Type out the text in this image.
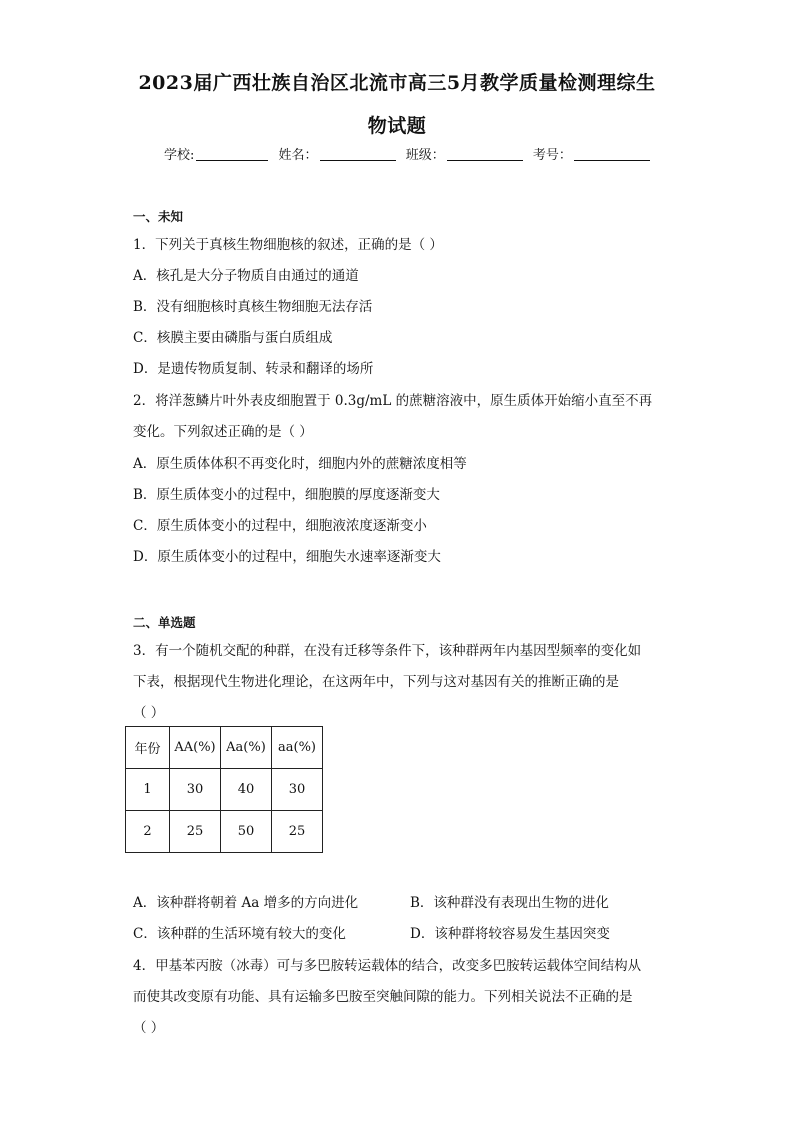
2023届广西壮族自治区北流市高三5月教学质量检测理综生
物试题
学校:	姓名：	班级：	考号：
一、未知
1．下列关于真核生物细胞核的叙述，正确的是（ ）
A．核孔是大分子物质自由通过的通道
B．没有细胞核时真核生物细胞无法存活
C．核膜主要由磷脂与蛋白质组成
D．是遗传物质复制、转录和翻译的场所
2．将洋葱鳞片叶外表皮细胞置于 0.3g/mL 的蔗糖溶液中，原生质体开始缩小直至不再
变化。下列叙述正确的是（ ）
A．原生质体体积不再变化时，细胞内外的蔗糖浓度相等
B．原生质体变小的过程中，细胞膜的厚度逐渐变大
C．原生质体变小的过程中，细胞液浓度逐渐变小
D．原生质体变小的过程中，细胞失水速率逐渐变大
二、单选题
3．有一个随机交配的种群，在没有迁移等条件下，该种群两年内基因型频率的变化如
下表，根据现代生物进化理论，在这两年中，下列与这对基因有关的推断正确的是
（ ）
年份	AA(%)	Aa(%)	aa(%)
1	30	40	30
2	25	50	25
A．该种群将朝着 Aa 增多的方向进化	B．该种群没有表现出生物的进化
C．该种群的生活环境有较大的变化	D．该种群将较容易发生基因突变
4．甲基苯丙胺（冰毒）可与多巴胺转运载体的结合，改变多巴胺转运载体空间结构从
而使其改变原有功能、具有运输多巴胺至突触间隙的能力。下列相关说法不正确的是
（ ）
